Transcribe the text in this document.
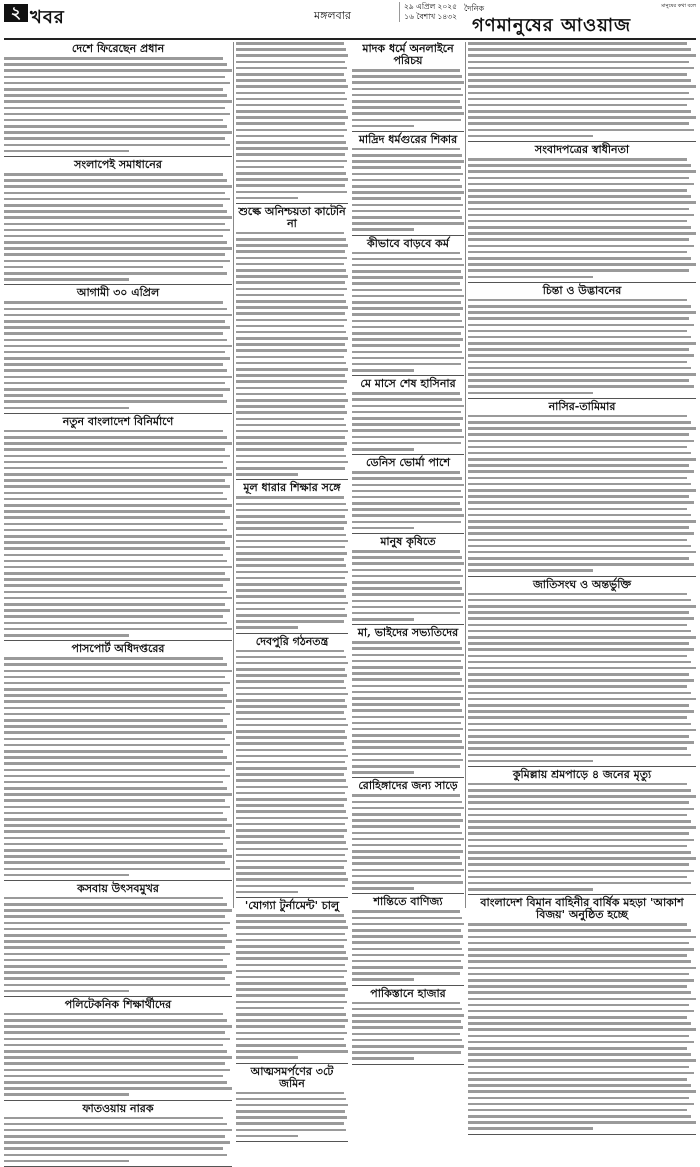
২ খবর	মঙ্গলবার
২৯ এপ্রিল ২০২৫
১৬ বৈশাখ ১৪৩২
দৈনিক	মানুষের কথা বলে
গণমানুষের আওয়াজ
দেশে ফিরেছেন প্রধান
সংলাপেই সমাধানের
আগামী ৩০ এপ্রিল
নতুন বাংলাদেশ বিনির্মাণে
পাসপোর্ট অধিদপ্তরের
কসবায় উৎসবমুখর
পলিটেকনিক শিক্ষার্থীদের
ফাতওয়ায় নারক
শুল্কে অনিশ্চয়তা কাটেনি না
মূল ধারার শিক্ষার সঙ্গে
দেবপুরি গঠনতন্ত্র
'যোগ্যা টুর্নামেন্ট' চালু
আত্মসমর্পণের ৩টে জমিন
মাদক ধর্মে অনলাইনে পরিচয়
মাদ্রিদ ধর্মগুরের শিকার
কীভাবে বাড়বে কর্ম
মে মাসে শেষ হাসিনার
ডেনিস ভোর্মা পাশে
মানুষ কৃষিতে
মা, ভাইদের সভ্যতিদের
রোহিঙ্গাদের জন্য সাড়ে
শান্তিতে বাণিজ্য
পাকিস্তানে হাজার
সংবাদপত্রের স্বাধীনতা
চিন্তা ও উদ্ভাবনের
নাসির-তামিমার
জাতিসংঘ ও অন্তর্ভুক্তি
কুমিল্লায় শ্রমপাড়ে ৪ জনের মৃত্যু
বাংলাদেশ বিমান বাহিনীর বার্ষিক মহড়া 'আকাশ বিজয়' অনুষ্ঠিত হচ্ছে
